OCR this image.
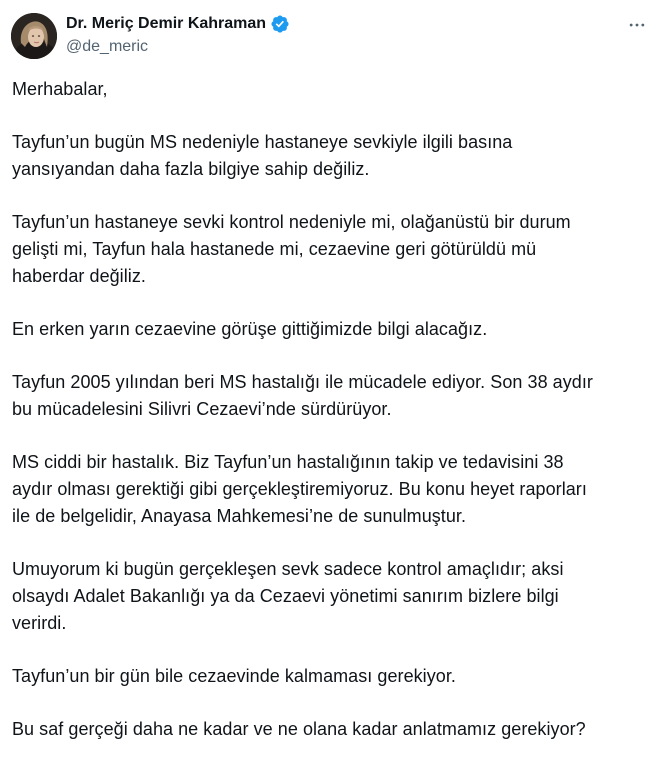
Dr. Meriç Demir Kahraman
@de_meric

Merhabalar,

Tayfun’un bugün MS nedeniyle hastaneye sevkiyle ilgili basına
yansıyandan daha fazla bilgiye sahip değiliz.

Tayfun’un hastaneye sevki kontrol nedeniyle mi, olağanüstü bir durum
gelişti mi, Tayfun hala hastanede mi, cezaevine geri götürüldü mü
haberdar değiliz.

En erken yarın cezaevine görüşe gittiğimizde bilgi alacağız.

Tayfun 2005 yılından beri MS hastalığı ile mücadele ediyor. Son 38 aydır
bu mücadelesini Silivri Cezaevi’nde sürdürüyor.

MS ciddi bir hastalık. Biz Tayfun’un hastalığının takip ve tedavisini 38
aydır olması gerektiği gibi gerçekleştiremiyoruz. Bu konu heyet raporları
ile de belgelidir, Anayasa Mahkemesi’ne de sunulmuştur.

Umuyorum ki bugün gerçekleşen sevk sadece kontrol amaçlıdır; aksi
olsaydı Adalet Bakanlığı ya da Cezaevi yönetimi sanırım bizlere bilgi
verirdi.

Tayfun’un bir gün bile cezaevinde kalmaması gerekiyor.

Bu saf gerçeği daha ne kadar ve ne olana kadar anlatmamız gerekiyor?
